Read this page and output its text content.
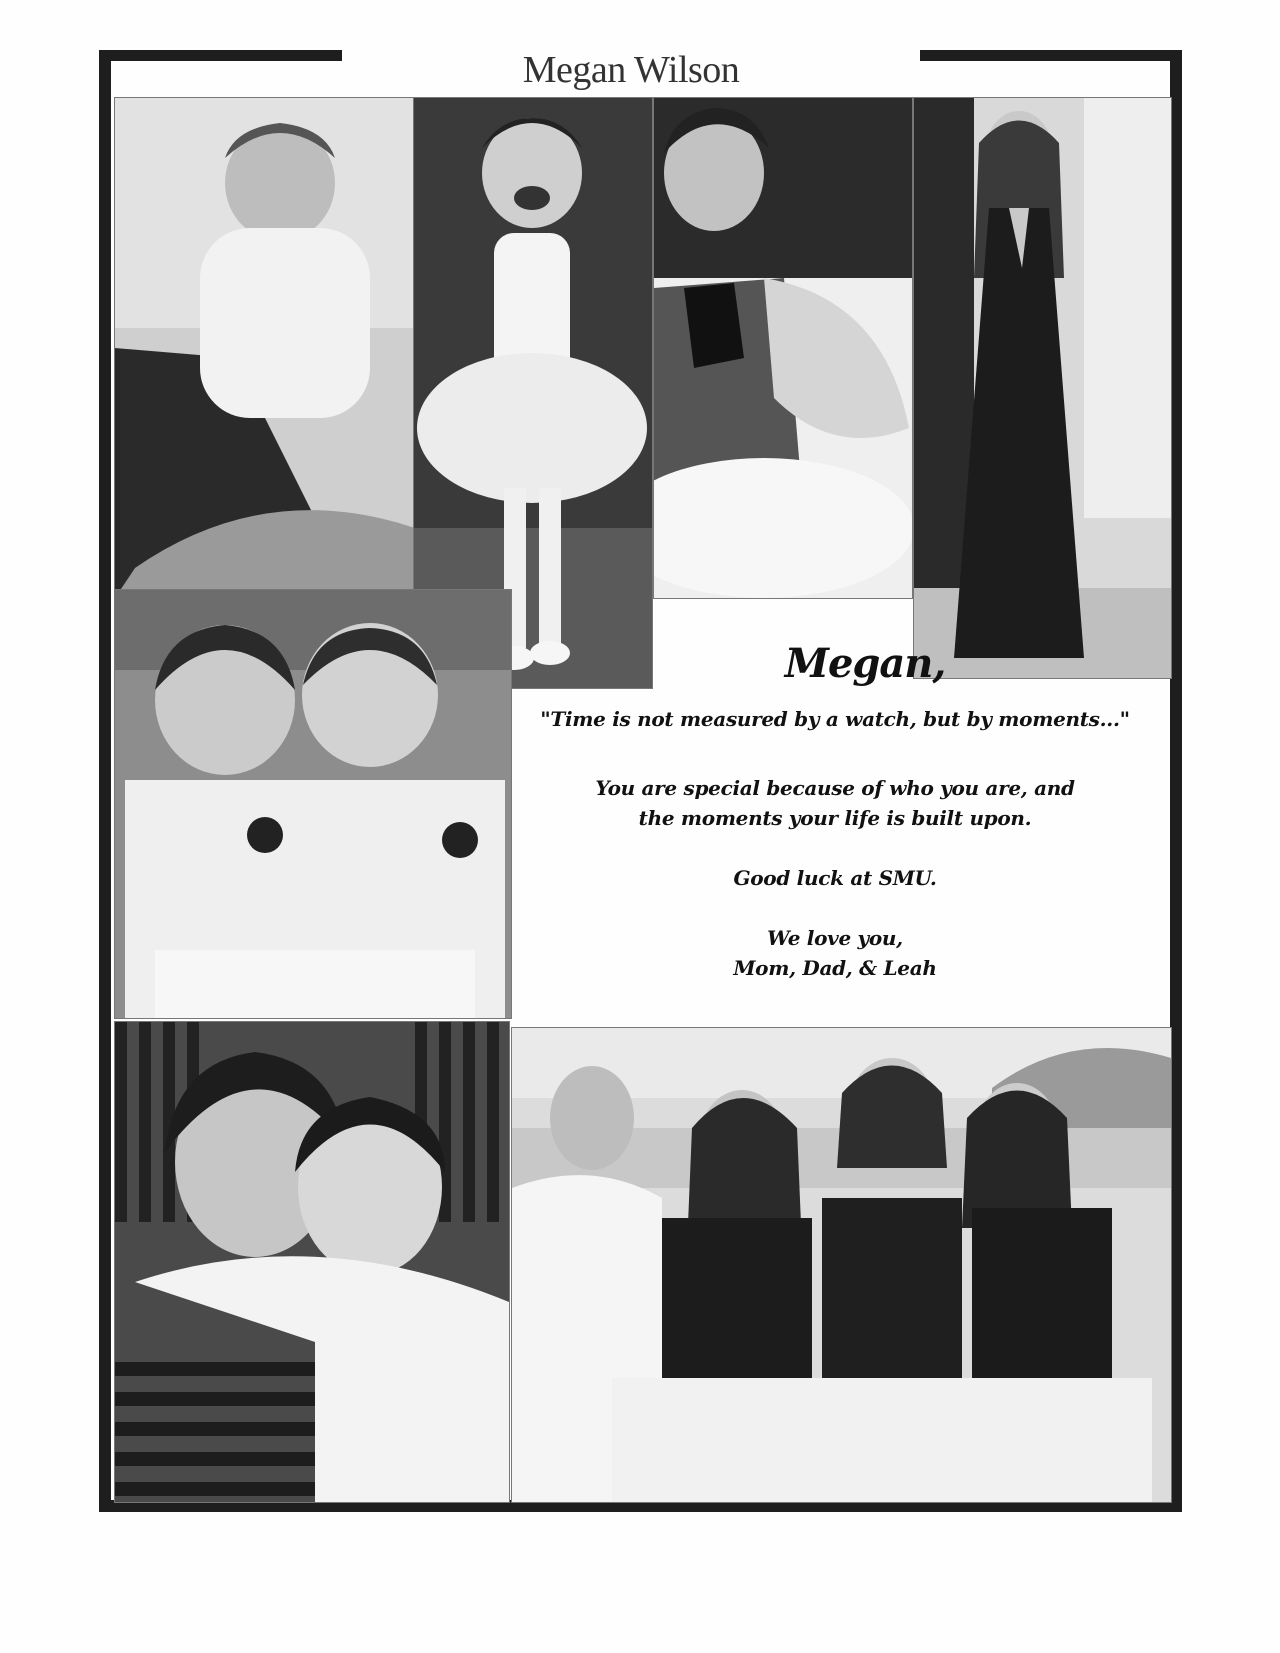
Megan Wilson
Megan,
"Time is not measured by a watch, but by moments..."
You are special because of who you are, and
the moments your life is built upon.
Good luck at SMU.
We love you,
Mom, Dad, & Leah
